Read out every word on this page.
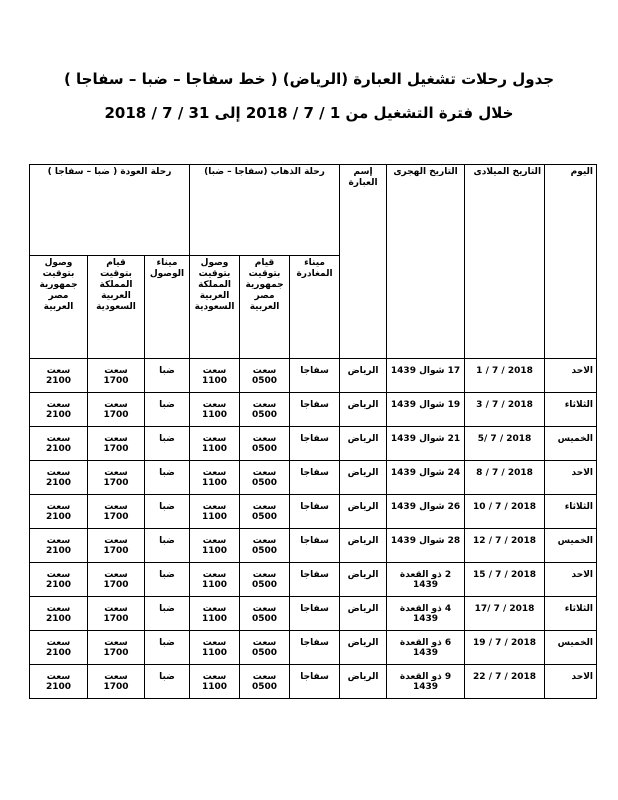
جدول رحلات تشغيل العبارة (الرياض) ( خط سفاجا – ضبا – سفاجا )
خلال فترة التشغيل من 1 / 7 / 2018 إلى 31 / 7 / 2018
اليوم	التاريخ الميلادى	التاريخ الهجرى	إسم العبارة	رحلة الذهاب (سفاجا – ضبا)			رحلة العودة ( ضبا – سفاجا )		
				ميناء المغادرة	قيام بتوقيت جمهورية مصر العربية	وصول بتوقيت المملكة العربية السعودية	ميناء الوصول	قيام بتوقيت المملكة العربية السعودية	وصول بتوقيت جمهورية مصر العربية
الاحد	2018 / 7 / 1	17 شوال 1439	الرياض	سفاجا	سعت 0500	سعت 1100	ضبا	سعت 1700	سعت 2100
الثلاثاء	2018 / 7 / 3	19 شوال 1439	الرياض	سفاجا	سعت 0500	سعت 1100	ضبا	سعت 1700	سعت 2100
الخميس	2018 / 7 /5	21 شوال 1439	الرياض	سفاجا	سعت 0500	سعت 1100	ضبا	سعت 1700	سعت 2100
الاحد	2018 / 7 / 8	24 شوال 1439	الرياض	سفاجا	سعت 0500	سعت 1100	ضبا	سعت 1700	سعت 2100
الثلاثاء	2018 / 7 / 10	26 شوال 1439	الرياض	سفاجا	سعت 0500	سعت 1100	ضبا	سعت 1700	سعت 2100
الخميس	2018 / 7 / 12	28 شوال 1439	الرياض	سفاجا	سعت 0500	سعت 1100	ضبا	سعت 1700	سعت 2100
الاحد	2018 / 7 / 15	2 ذو القعدة 1439	الرياض	سفاجا	سعت 0500	سعت 1100	ضبا	سعت 1700	سعت 2100
الثلاثاء	2018 / 7 /17	4 ذو القعدة 1439	الرياض	سفاجا	سعت 0500	سعت 1100	ضبا	سعت 1700	سعت 2100
الخميس	2018 / 7 / 19	6 ذو القعدة 1439	الرياض	سفاجا	سعت 0500	سعت 1100	ضبا	سعت 1700	سعت 2100
الاحد	2018 / 7 / 22	9 ذو القعدة 1439	الرياض	سفاجا	سعت 0500	سعت 1100	ضبا	سعت 1700	سعت 2100
